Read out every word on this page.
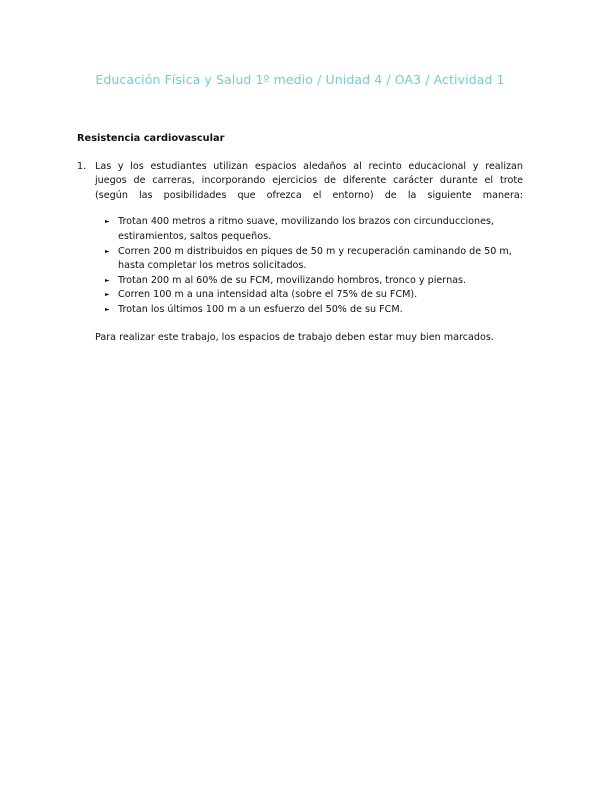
Educación Física y Salud 1º medio / Unidad 4 / OA3 / Actividad 1
Resistencia cardiovascular
1. Las y los estudiantes utilizan espacios aledaños al recinto educacional y realizan
juegos de carreras, incorporando ejercicios de diferente carácter durante el trote
(según las posibilidades que ofrezca el entorno) de la siguiente manera:
► Trotan 400 metros a ritmo suave, movilizando los brazos con circunducciones, estiramientos, saltos pequeños.
► Corren 200 m distribuidos en piques de 50 m y recuperación caminando de 50 m, hasta completar los metros solicitados.
► Trotan 200 m al 60% de su FCM, movilizando hombros, tronco y piernas.
► Corren 100 m a una intensidad alta (sobre el 75% de su FCM).
► Trotan los últimos 100 m a un esfuerzo del 50% de su FCM.
Para realizar este trabajo, los espacios de trabajo deben estar muy bien marcados.
